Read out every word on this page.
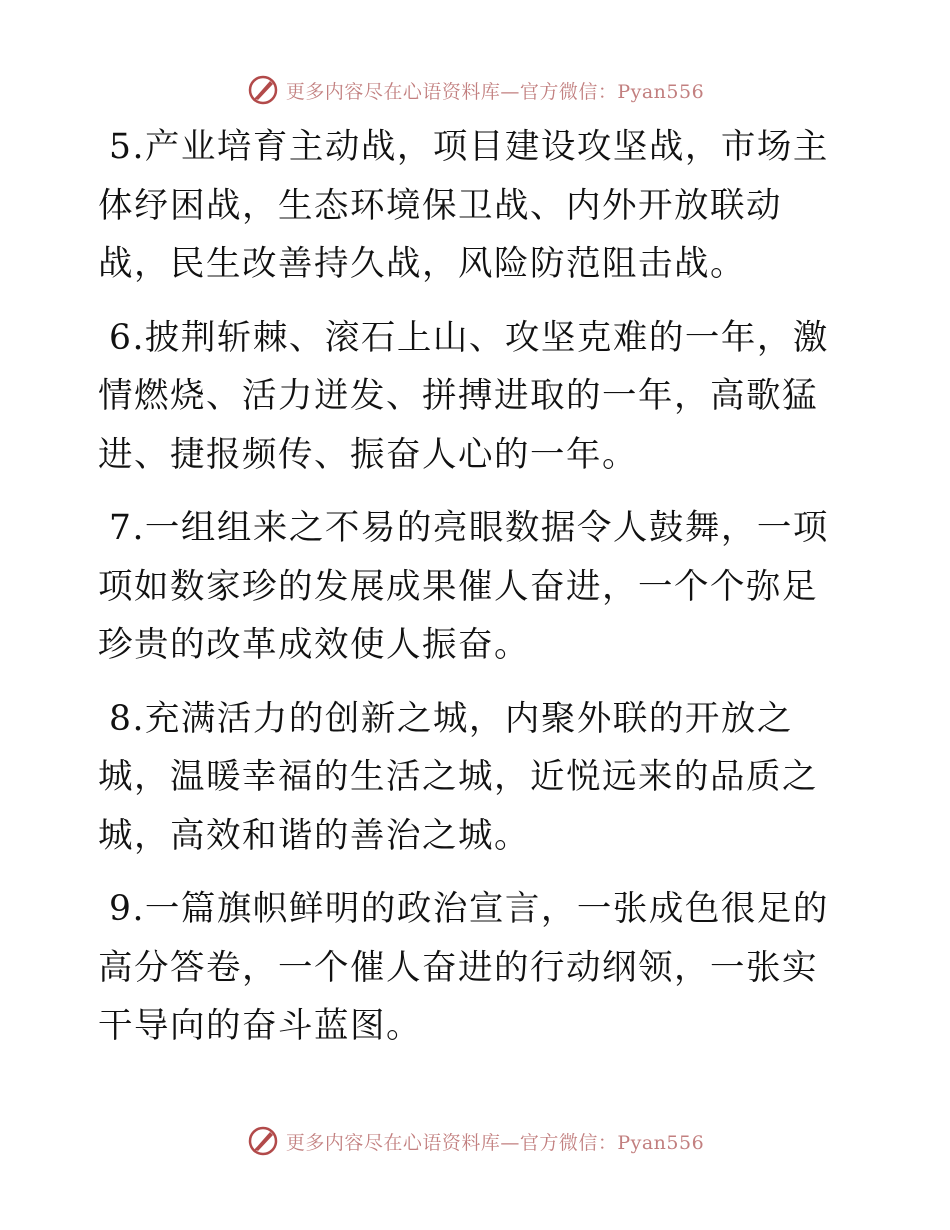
更多内容尽在心语资料库—官方微信：Pyan556

5.产业培育主动战，项目建设攻坚战，市场主体纾困战，生态环境保卫战、内外开放联动战，民生改善持久战，风险防范阻击战。

6.披荆斩棘、滚石上山、攻坚克难的一年，激情燃烧、活力迸发、拼搏进取的一年，高歌猛进、捷报频传、振奋人心的一年。

7.一组组来之不易的亮眼数据令人鼓舞，一项项如数家珍的发展成果催人奋进，一个个弥足珍贵的改革成效使人振奋。

8.充满活力的创新之城，内聚外联的开放之城，温暖幸福的生活之城，近悦远来的品质之城，高效和谐的善治之城。

9.一篇旗帜鲜明的政治宣言，一张成色很足的高分答卷，一个催人奋进的行动纲领，一张实干导向的奋斗蓝图。

更多内容尽在心语资料库—官方微信：Pyan556
